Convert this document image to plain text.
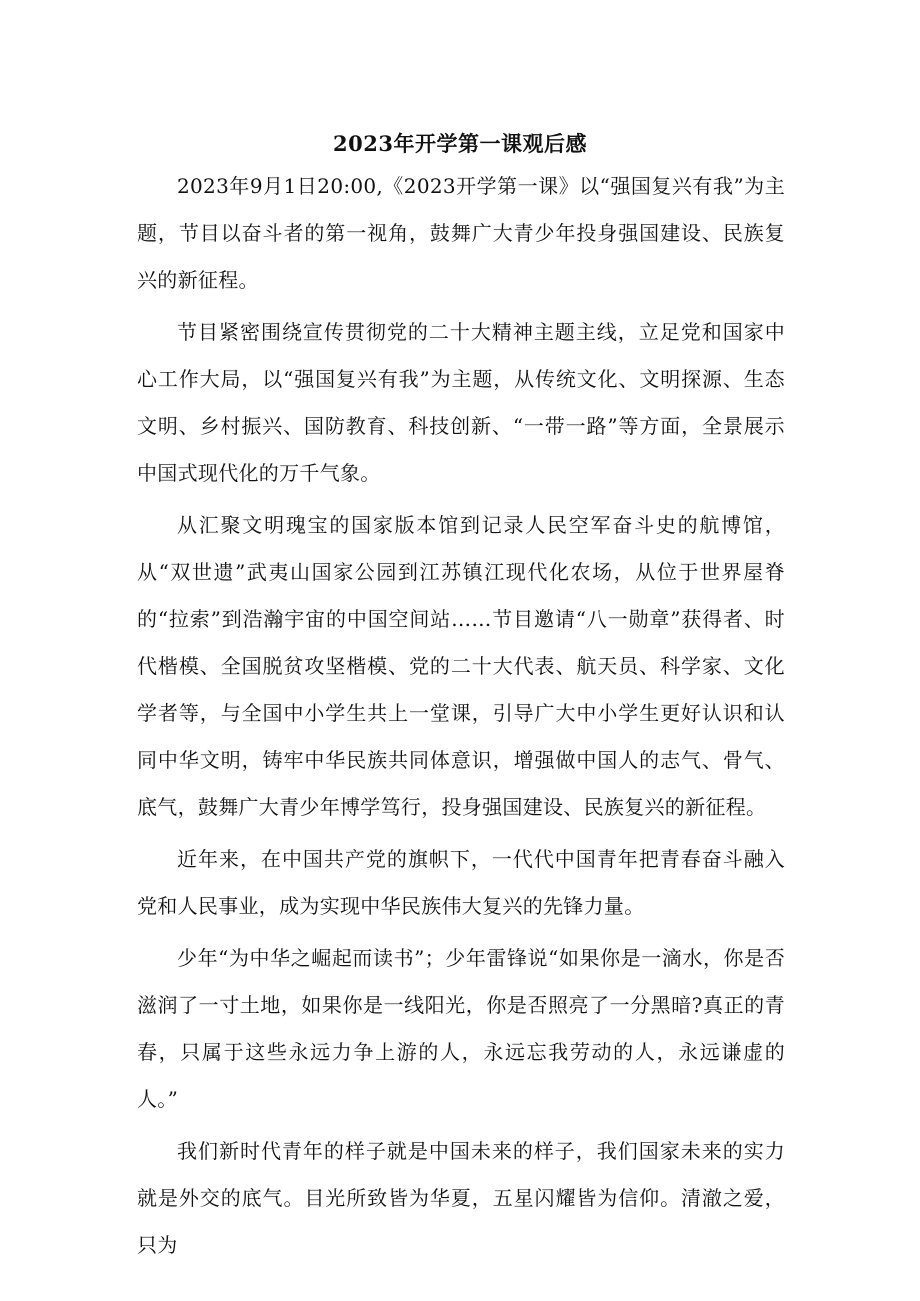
2023年开学第一课观后感

2023年9月1日20:00,《2023开学第一课》以“强国复兴有我”为主题，节目以奋斗者的第一视角，鼓舞广大青少年投身强国建设、民族复兴的新征程。

节目紧密围绕宣传贯彻党的二十大精神主题主线，立足党和国家中心工作大局，以“强国复兴有我”为主题，从传统文化、文明探源、生态文明、乡村振兴、国防教育、科技创新、“一带一路”等方面，全景展示中国式现代化的万千气象。

从汇聚文明瑰宝的国家版本馆到记录人民空军奋斗史的航博馆，从“双世遗”武夷山国家公园到江苏镇江现代化农场，从位于世界屋脊的“拉索”到浩瀚宇宙的中国空间站……节目邀请“八一勋章”获得者、时代楷模、全国脱贫攻坚楷模、党的二十大代表、航天员、科学家、文化学者等，与全国中小学生共上一堂课，引导广大中小学生更好认识和认同中华文明，铸牢中华民族共同体意识，增强做中国人的志气、骨气、底气，鼓舞广大青少年博学笃行，投身强国建设、民族复兴的新征程。

近年来，在中国共产党的旗帜下，一代代中国青年把青春奋斗融入党和人民事业，成为实现中华民族伟大复兴的先锋力量。

少年“为中华之崛起而读书”；少年雷锋说“如果你是一滴水，你是否滋润了一寸土地，如果你是一线阳光，你是否照亮了一分黑暗?真正的青春，只属于这些永远力争上游的人，永远忘我劳动的人，永远谦虚的人。”

我们新时代青年的样子就是中国未来的样子，我们国家未来的实力就是外交的底气。目光所致皆为华夏，五星闪耀皆为信仰。清澈之爱，只为
